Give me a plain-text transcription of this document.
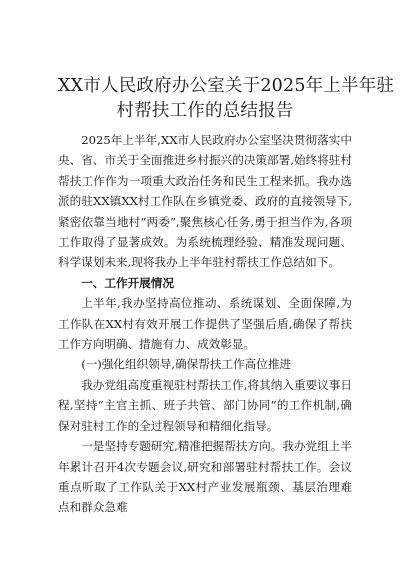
XX市人民政府办公室关于2025年上半年驻
村帮扶工作的总结报告

2025年上半年,XX市人民政府办公室坚决贯彻落实中央、省、市关于全面推进乡村振兴的决策部署,始终将驻村帮扶工作作为一项重大政治任务和民生工程来抓。我办选派的驻XX镇XX村工作队在乡镇党委、政府的直接领导下,紧密依靠当地村“两委”,聚焦核心任务,勇于担当作为,各项工作取得了显著成效。为系统梳理经验、精准发现问题、科学谋划未来,现将我办上半年驻村帮扶工作总结如下。

一、工作开展情况

上半年,我办坚持高位推动、系统谋划、全面保障,为工作队在XX村有效开展工作提供了坚强后盾,确保了帮扶工作方向明确、措施有力、成效彰显。

(一)强化组织领导,确保帮扶工作高位推进

我办党组高度重视驻村帮扶工作,将其纳入重要议事日程,坚持“主官主抓、班子共管、部门协同”的工作机制,确保对驻村工作的全过程领导和精细化指导。

一是坚持专题研究,精准把握帮扶方向。我办党组上半年累计召开4次专题会议,研究和部署驻村帮扶工作。会议重点听取了工作队关于XX村产业发展瓶颈、基层治理难点和群众急难
